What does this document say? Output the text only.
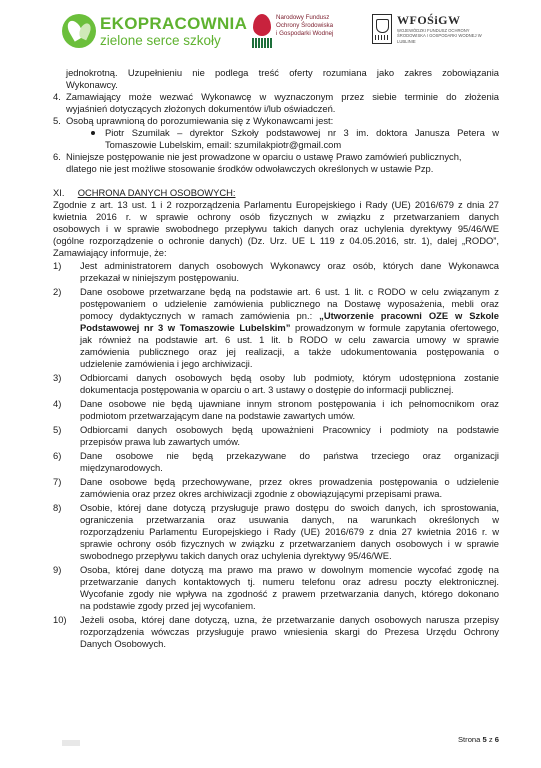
EKOPRACOWNIA
zielone serce szkoły
Narodowy Fundusz
Ochrony Środowiska
i Gospodarki Wodnej
WFOŚiGW
WOJEWÓDZKI FUNDUSZ OCHRONY ŚRODOWISKA I GOSPODARKI WODNEJ W LUBLINIE
jednokrotną. Uzupełnieniu nie podlega treść oferty rozumiana jako zakres zobowiązania
Wykonawcy.
4. Zamawiający może wezwać Wykonawcę w wyznaczonym przez siebie terminie do złożenia
wyjaśnień dotyczących złożonych dokumentów i/lub oświadczeń.
5. Osobą uprawnioną do porozumiewania się z Wykonawcami jest:
Piotr Szumilak – dyrektor Szkoły podstawowej nr 3 im. doktora Janusza Petera w
Tomaszowie Lubelskim, email: szumilakpiotr@gmail.com
6. Niniejsze postępowanie nie jest prowadzone w oparciu o ustawę Prawo zamówień publicznych,
dlatego nie jest możliwe stosowanie środków odwoławczych określonych w ustawie Pzp.
XI. OCHRONA DANYCH OSOBOWYCH:
Zgodnie z art. 13 ust. 1 i 2 rozporządzenia Parlamentu Europejskiego i Rady (UE) 2016/679 z dnia 27
kwietnia 2016 r. w sprawie ochrony osób fizycznych w związku z przetwarzaniem danych
osobowych i w sprawie swobodnego przepływu takich danych oraz uchylenia dyrektywy 95/46/WE
(ogólne rozporządzenie o ochronie danych) (Dz. Urz. UE L 119 z 04.05.2016, str. 1), dalej „RODO”,
Zamawiający informuje, że:
1) Jest administratorem danych osobowych Wykonawcy oraz osób, których dane Wykonawca
przekazał w niniejszym postępowaniu.
2) Dane osobowe przetwarzane będą na podstawie art. 6 ust. 1 lit. c RODO w celu związanym z
postępowaniem o udzielenie zamówienia publicznego na Dostawę wyposażenia, mebli oraz
pomocy dydaktycznych w ramach zamówienia pn.: „Utworzenie pracowni OZE w Szkole
Podstawowej nr 3 w Tomaszowie Lubelskim” prowadzonym w formule zapytania ofertowego,
jak również na podstawie art. 6 ust. 1 lit. b RODO w celu zawarcia umowy w sprawie
zamówienia publicznego oraz jej realizacji, a także udokumentowania postępowania o
udzielenie zamówienia i jego archiwizacji.
3) Odbiorcami danych osobowych będą osoby lub podmioty, którym udostępniona zostanie
dokumentacja postępowania w oparciu o art. 3 ustawy o dostępie do informacji publicznej.
4) Dane osobowe nie będą ujawniane innym stronom postępowania i ich pełnomocnikom oraz
podmiotom przetwarzającym dane na podstawie zawartych umów.
5) Odbiorcami danych osobowych będą upoważnieni Pracownicy i podmioty na podstawie
przepisów prawa lub zawartych umów.
6) Dane osobowe nie będą przekazywane do państwa trzeciego oraz organizacji
międzynarodowych.
7) Dane osobowe będą przechowywane, przez okres prowadzenia postępowania o udzielenie
zamówienia oraz przez okres archiwizacji zgodnie z obowiązującymi przepisami prawa.
8) Osobie, której dane dotyczą przysługuje prawo dostępu do swoich danych, ich sprostowania,
ograniczenia przetwarzania oraz usuwania danych, na warunkach określonych w
rozporządzeniu Parlamentu Europejskiego i Rady (UE) 2016/679 z dnia 27 kwietnia 2016 r. w
sprawie ochrony osób fizycznych w związku z przetwarzaniem danych osobowych i w sprawie
swobodnego przepływu takich danych oraz uchylenia dyrektywy 95/46/WE.
9) Osoba, której dane dotyczą ma prawo ma prawo w dowolnym momencie wycofać zgodę na
przetwarzanie danych kontaktowych tj. numeru telefonu oraz adresu poczty elektronicznej.
Wycofanie zgody nie wpływa na zgodność z prawem przetwarzania danych, którego dokonano
na podstawie zgody przed jej wycofaniem.
10) Jeżeli osoba, której dane dotyczą, uzna, że przetwarzanie danych osobowych narusza przepisy
rozporządzenia wówczas przysługuje prawo wniesienia skargi do Prezesa Urzędu Ochrony
Danych Osobowych.
Strona 5 z 6
